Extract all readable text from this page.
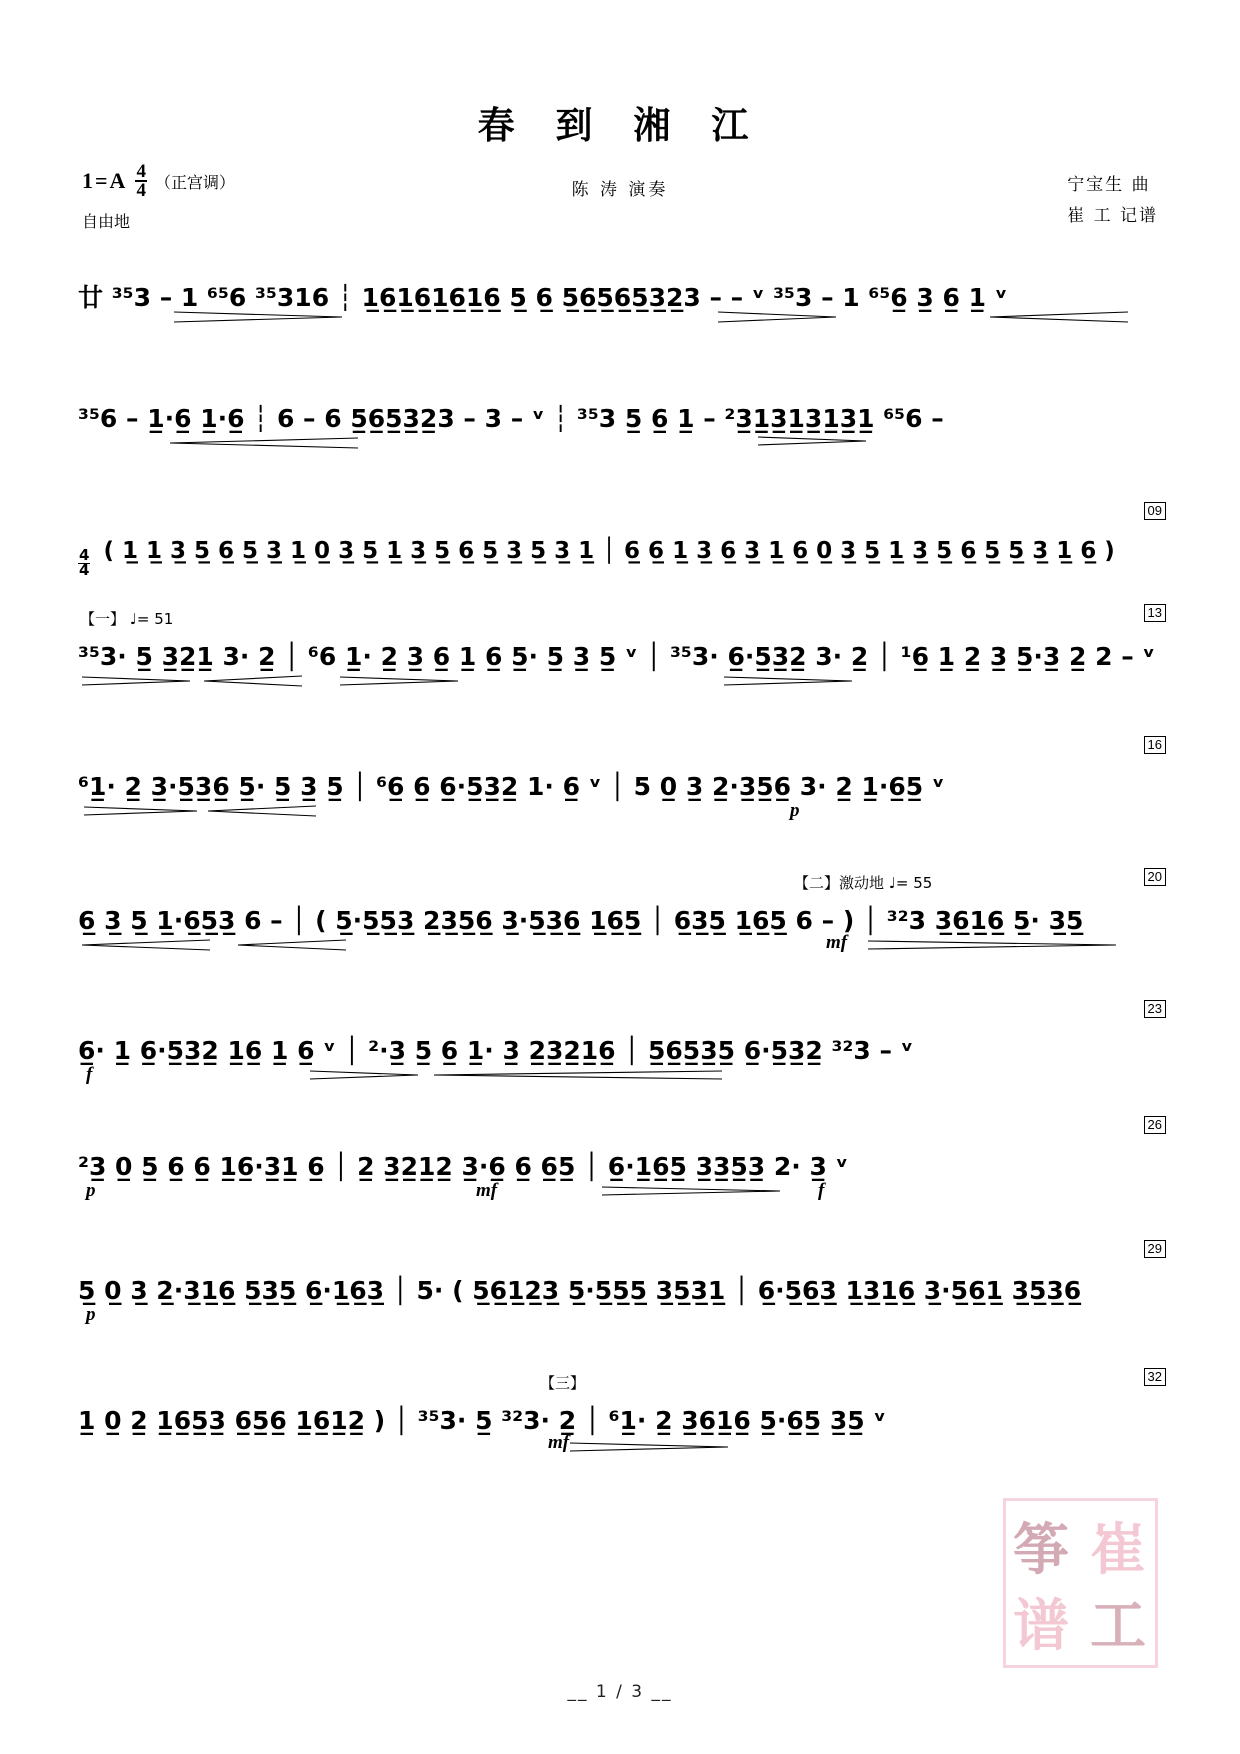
春 到 湘 江
1 = A 4
4 （正宫调）
自由地
陈 涛 演奏	宁宝生 曲
崔 工 记谱
廿 ³⁵3 – 1 ⁶⁵6 ³⁵316 ┆ 1̲6̲1̲6̲1̲6̲1̲6̲ 5̲ 6̲ 5̲6̲5̲6̲5̲3̲2̲3 – – ᵛ ³⁵3 – 1 ⁶⁵6̲ 3̲ 6̲ 1̲ ᵛ
³⁵6 – 1̲·6̲ 1̲·6̲ ┆ 6 – 6 5̲6̲5̲3̲2̲3 – 3 – ᵛ ┆ ³⁵3 5̲ 6̲ 1̲ – ²3̲1̲3̲1̲3̲1̲3̲1̲ ⁶⁵6 –
09
$\frac{4}{4}$ ( 1̲ 1̲ 3̲ 5̲ 6̲ 5̲ 3̲ 1̲ 0̲ 3̲ 5̲ 1̲ 3̲ 5̲ 6̲ 5̲ 3̲ 5̲ 3̲ 1̲ │ 6̲ 6̲ 1̲ 3̲ 6̲ 3̲ 1̲ 6̲ 0̲ 3̲ 5̲ 1̲ 3̲ 5̲ 6̲ 5̲ 5̲ 3̲ 1̲ 6̲ )
13
【一】 ♩= 51
³⁵3· 5̲ 3̲2̲1̲ 3· 2̲ │ ⁶6 1̲· 2̲ 3̲ 6̲ 1̲ 6̲ 5̲· 5̲ 3̲ 5̲ ᵛ │ ³⁵3· 6̲·5̲3̲2̲ 3· 2̲ │ ¹6̲ 1̲ 2̲ 3̲ 5̲·3̲ 2̲ 2 – ᵛ
16
⁶1̲· 2̲ 3̲·5̲3̲6̲ 5̲· 5̲ 3̲ 5̲ │ ⁶6̲ 6̲ 6̲·5̲3̲2̲ 1· 6̲ ᵛ │ 5 0̲ 3̲ 2̲·3̲5̲6̲ 3· 2̲ 1̲·6̲5̲ ᵛ
p
20
【二】激动地 ♩= 55
6̲ 3̲ 5̲ 1̲·6̲5̲3̲ 6 – │ ( 5̲·5̲5̲3̲ 2̲3̲5̲6̲ 3̲·5̲3̲6̲ 1̲6̲5̲ │ 6̲3̲5̲ 1̲6̲5̲ 6 – ) │ ³²3 3̲6̲1̲6̲ 5̲· 3̲5̲
mf
23
6̲· 1̲ 6̲·5̲3̲2̲ 1̲6̲ 1̲ 6̲ ᵛ │ ²·3̲ 5̲ 6̲ 1̲· 3̲ 2̲3̲2̲1̲6̲ │ 5̲6̲5̲3̲5̲ 6̲·5̲3̲2̲ ³²3 – ᵛ
f
26
²3̲ 0̲ 5̲ 6̲ 6̲ 1̲6̲·3̲1̲ 6̲ │ 2̲ 3̲2̲1̲2̲ 3̲·6̲ 6̲ 6̲5̲ │ 6̲·1̲6̲5̲ 3̲3̲5̲3̲ 2· 3̲ ᵛ
p	mf	f
29
5̲ 0̲ 3̲ 2̲·3̲1̲6̲ 5̲3̲5̲ 6̲·1̲6̲3̲ │ 5· ( 5̲6̲1̲2̲3̲ 5̲·5̲5̲5̲ 3̲5̲3̲1̲ │ 6̲·5̲6̲3̲ 1̲3̲1̲6̲ 3̲·5̲6̲1̲ 3̲5̲3̲6̲
p
32
【三】
1̲ 0̲ 2̲ 1̲6̲5̲3̲ 6̲5̲6̲ 1̲6̲1̲2̲ ) │ ³⁵3· 5̲ ³²3· 2̲ │ ⁶1̲· 2̲ 3̲6̲1̲6̲ 5̲·6̲5̲ 3̲5̲ ᵛ
mf
筝 崔
谱 工
__ 1 / 3 __
